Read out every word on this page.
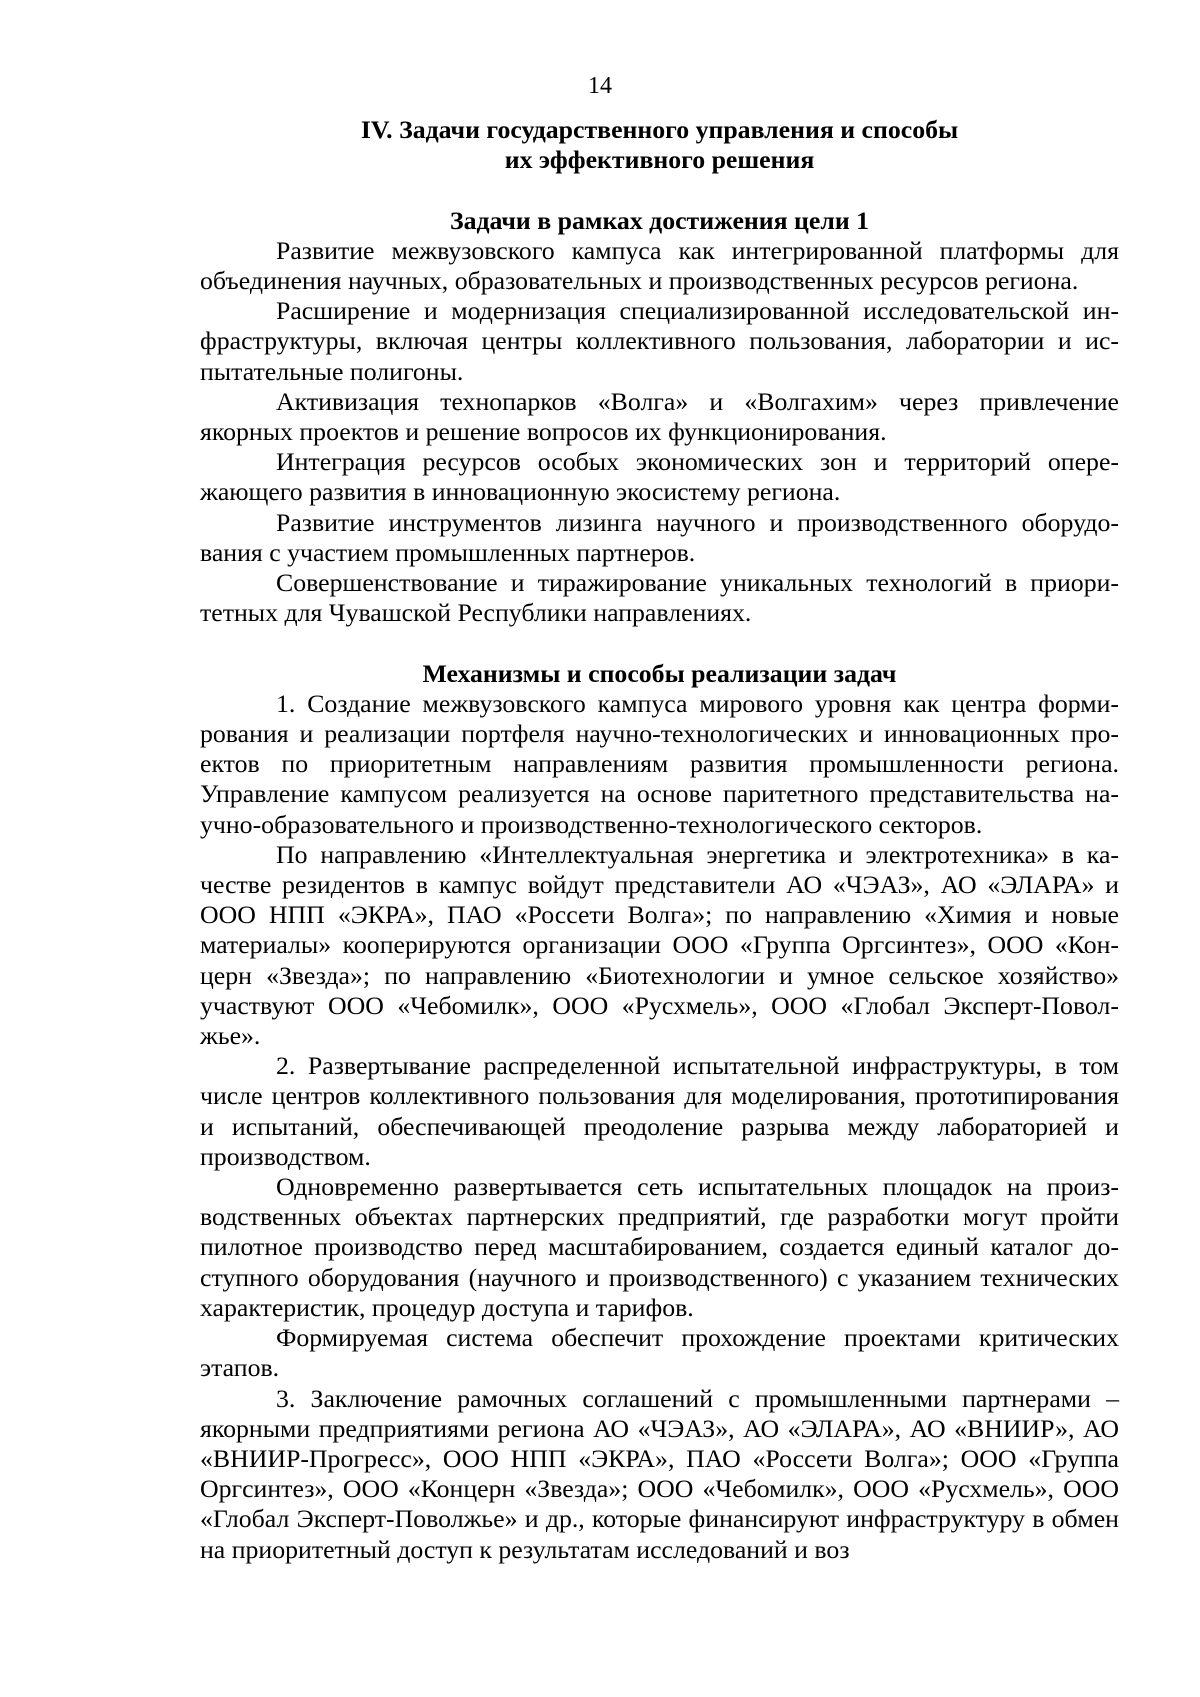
14

IV. Задачи государственного управления и способы

их эффективного решения

Задачи в рамках достижения цели 1

Развитие межвузовского кампуса как интегрированной платформы для объединения научных, образовательных и производственных ресурсов региона.

Расширение и модернизация специализированной исследовательской инфраструктуры, включая центры коллективного пользования, лаборатории и испытательные полигоны.

Активизация технопарков «Волга» и «Волгахим» через привлечение якорных проектов и решение вопросов их функционирования.

Интеграция ресурсов особых экономических зон и территорий опережающего развития в инновационную экосистему региона.

Развитие инструментов лизинга научного и производственного оборудования с участием промышленных партнеров.

Совершенствование и тиражирование уникальных технологий в приоритетных для Чувашской Республики направлениях.

Механизмы и способы реализации задач

1. Создание межвузовского кампуса мирового уровня как центра формирования и реализации портфеля научно-технологических и инновационных проектов по приоритетным направлениям развития промышленности региона. Управление кампусом реализуется на основе паритетного представительства научно-образовательного и производственно-технологического секторов.

По направлению «Интеллектуальная энергетика и электротехника» в качестве резидентов в кампус войдут представители АО «ЧЭАЗ», АО «ЭЛАРА» и ООО НПП «ЭКРА», ПАО «Россети Волга»; по направлению «Химия и новые материалы» кооперируются организации ООО «Группа Оргсинтез», ООО «Концерн «Звезда»; по направлению «Биотехнологии и умное сельское хозяйство» участвуют ООО «Чебомилк», ООО «Русхмель», ООО «Глобал Эксперт-Поволжье».

2. Развертывание распределенной испытательной инфраструктуры, в том числе центров коллективного пользования для моделирования, прототипирования и испытаний, обеспечивающей преодоление разрыва между лабораторией и производством.

Одновременно развертывается сеть испытательных площадок на производственных объектах партнерских предприятий, где разработки могут пройти пилотное производство перед масштабированием, создается единый каталог доступного оборудования (научного и производственного) с указанием технических характеристик, процедур доступа и тарифов.

Формируемая система обеспечит прохождение проектами критических этапов.

3. Заключение рамочных соглашений с промышленными партнерами – якорными предприятиями региона АО «ЧЭАЗ», АО «ЭЛАРА», АО «ВНИИР», АО «ВНИИР-Прогресс», ООО НПП «ЭКРА», ПАО «Россети Волга»; ООО «Группа Оргсинтез», ООО «Концерн «Звезда»; ООО «Чебомилк», ООО «Русхмель», ООО «Глобал Эксперт-Поволжье» и др., которые финансируют инфраструктуру в обмен на приоритетный доступ к результатам исследований и воз
